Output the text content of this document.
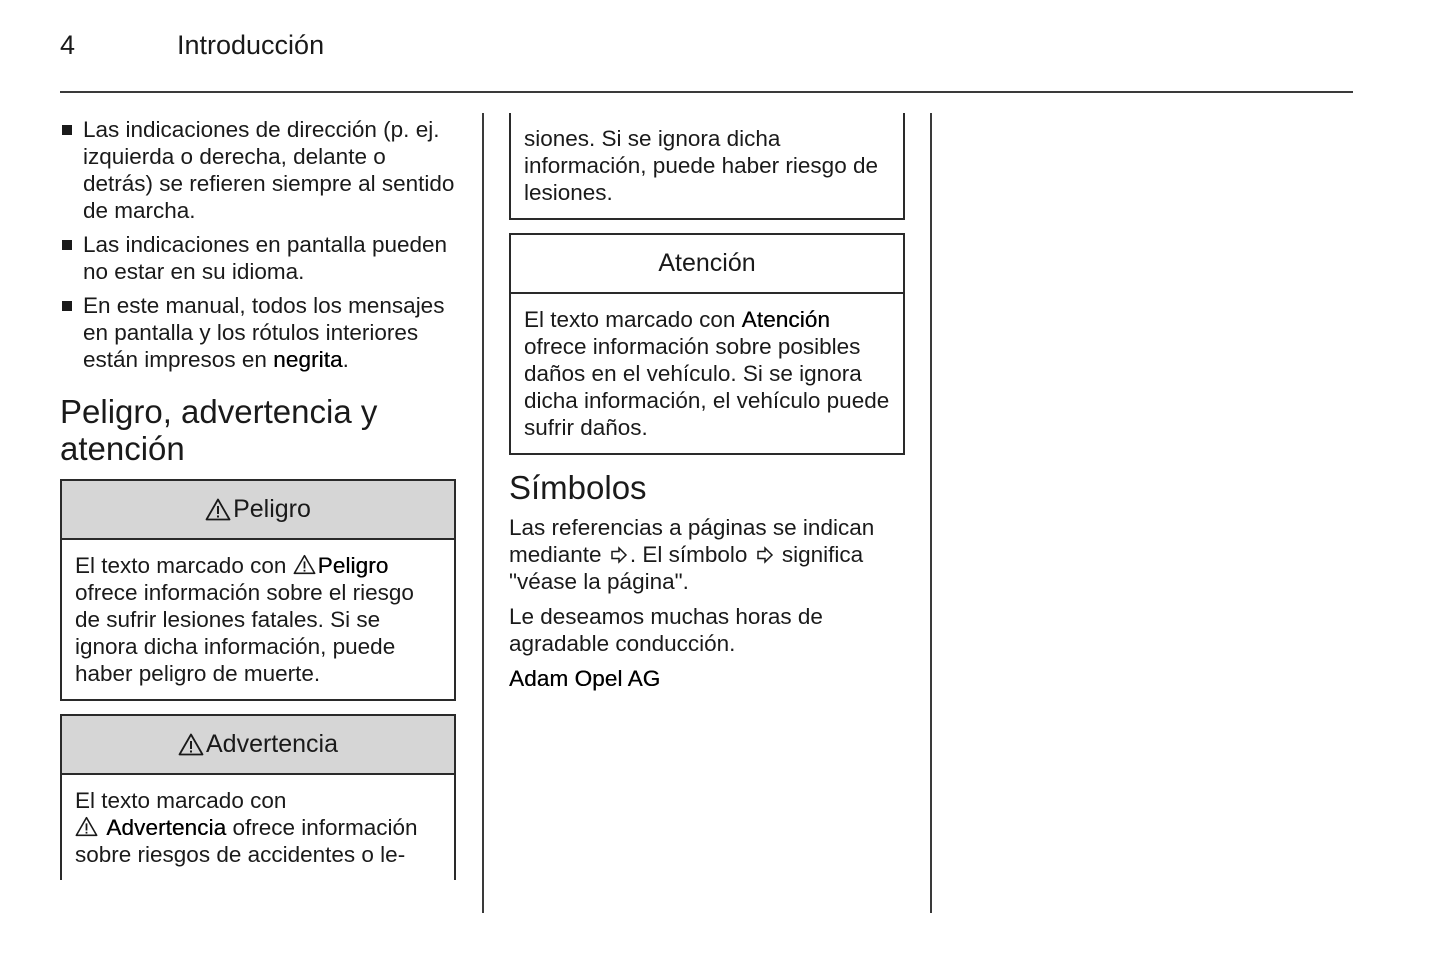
4	Introducción
Las indicaciones de dirección (p. ej. izquierda o derecha, delante o detrás) se refieren siempre al sentido de marcha.
Las indicaciones en pantalla pueden no estar en su idioma.
En este manual, todos los mensajes en pantalla y los rótulos interiores están impresos en negrita.
Peligro, advertencia y atención
Peligro
El texto marcado con Peligro ofrece información sobre el riesgo de sufrir lesiones fatales. Si se ignora dicha información, puede haber peligro de muerte.
Advertencia
El texto marcado con
Advertencia ofrece información sobre riesgos de accidentes o le-
siones. Si se ignora dicha información, puede haber riesgo de lesiones.
Atención
El texto marcado con Atención ofrece información sobre posibles daños en el vehículo. Si se ignora dicha información, el vehículo puede sufrir daños.
Símbolos

Las referencias a páginas se indican mediante . El símbolo  significa "véase la página".

Le deseamos muchas horas de agradable conducción.

Adam Opel AG
